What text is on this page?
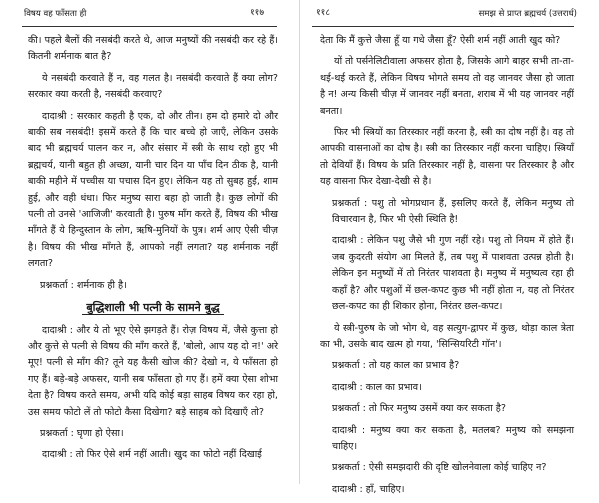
विषय वह फाँसता ही	११७

की। पहले बैलों की नसबंदी करते थे, आज मनुष्यों की नसबंदी कर रहे हैं। कितनी शर्मनाक बात है?

ये नसबंदी करवाते हैं न, वह गलत है। नसबंदी करवाते हैं क्या लोग? सरकार क्या करती है, नसबंदी करवाए?

दादाश्री : सरकार कहती है एक, दो और तीन। हम दो हमारे दो और बाकी सब नसबंदी! इसमें करते हैं कि चार बच्चे हो जाएँ, लेकिन उसके बाद भी ब्रह्मचर्य पालन कर न, और संसार में स्त्री के साथ रहो हुए भी ब्रह्मचर्य, यानी बहुत ही अच्छा, यानी चार दिन या पाँच दिन ठीक है, यानी बाकी महीने में पच्चीस या पचास दिन हुए। लेकिन यह तो सुबह हुई, शाम हुई, और वही धंधा। फिर मनुष्य सारा बहा हो जाती है। कुछ लोगों की पत्नी तो उनसे 'आजिजी' करवाती है। पुरुष माँग करते हैं, विषय की भीख माँगते हैं ये हिन्दुस्तान के लोग, ऋषि-मुनियों के पुत्र। शर्म आए ऐसी चीज़ है। विषय की भीख माँगते हैं, आपको नहीं लगता? यह शर्मनाक नहीं लगता?

प्रश्नकर्ता : शर्मनाक ही है।

बुद्धिशाली भी पत्नी के सामने बुद्ध

दादाश्री : और ये तो भूए ऐसे झगड़ते हैं। रोज़ विषय में, जैसे कुत्ता हो और कुत्ते से पत्नी से विषय की माँग करते हैं, 'बोलो, आप यह दो न!' अरे मूए! पत्नी से माँग की? तूने यह कैसी खोज की? देखो न, ये फाँसता हो गए हैं। बड़े-बड़े अफसर, यानी सब फाँसता हो गए हैं। हमें क्या ऐसा शोभा देता है? विषय करते समय, अभी यदि कोई बड़ा साहब विषय कर रहा हो, उस समय फोटो लें तो फोटो कैसा दिखेगा? बड़े साहब को दिखाएँ तो?

प्रश्नकर्ता : घृणा हो ऐसा।

दादाश्री : तो फिर ऐसे शर्म नहीं आती। खुद का फोटो नहीं दिखाई

११८	समझ से प्राप्त ब्रह्मचर्य (उत्तरार्ध)

देता कि मैं कुत्ते जैसा हूँ या गधे जैसा हूँ? ऐसी शर्म नहीं आती खुद को?

यों तो पर्सनेलिटीवाला अफसर होता है, जिसके आगे बाहर सभी ता-ता-थई-थई करते हैं, लेकिन विषय भोगते समय तो वह जानवर जैसा हो जाता है न! अन्य किसी चीज़ में जानवर नहीं बनता, शराब में भी यह जानवर नहीं बनता।

फिर भी स्त्रियों का तिरस्कार नहीं करना है, स्त्री का दोष नहीं है। वह तो आपकी वासनाओं का दोष है। स्त्री का तिरस्कार नहीं करना चाहिए। स्त्रियाँ तो देवियाँ हैं। विषय के प्रति तिरस्कार नहीं है, वासना पर तिरस्कार है और यह वासना फिर देखा-देखी से है।

प्रश्नकर्ता : पशु तो भोगप्रधान हैं, इसलिए करते हैं, लेकिन मनुष्य तो विचारवान है, फिर भी ऐसी स्थिति है!

दादाश्री : लेकिन पशु जैसे भी गुण नहीं रहे। पशु तो नियम में होते हैं। जब कुदरती संयोग आ मिलते हैं, तब पशु में पाशवता उत्पन्न होती है। लेकिन इन मनुष्यों में तो निरंतर पाशवता है। मनुष्य में मनुष्यत्व रहा ही कहाँ है? और पशुओं में छल-कपट कुछ भी नहीं होता न, यह तो निरंतर छल-कपट का ही शिकार होना, निरंतर छल-कपट।

ये स्त्री-पुरुष के जो भोग थे, वह सत्युग-द्वापर में कुछ, थोड़ा काल त्रेता का भी, उसके बाद खत्म हो गया, 'सिन्सियरिटी गॉन'।

प्रश्नकर्ता : तो यह काल का प्रभाव है?

दादाश्री : काल का प्रभाव।

प्रश्नकर्ता : तो फिर मनुष्य उसमें क्या कर सकता है?

दादाश्री : मनुष्य क्या कर सकता है, मतलब? मनुष्य को समझना चाहिए।

प्रश्नकर्ता : ऐसी समझदारी की दृष्टि खोलनेवाला कोई चाहिए न?

दादाश्री : हाँ, चाहिए।
